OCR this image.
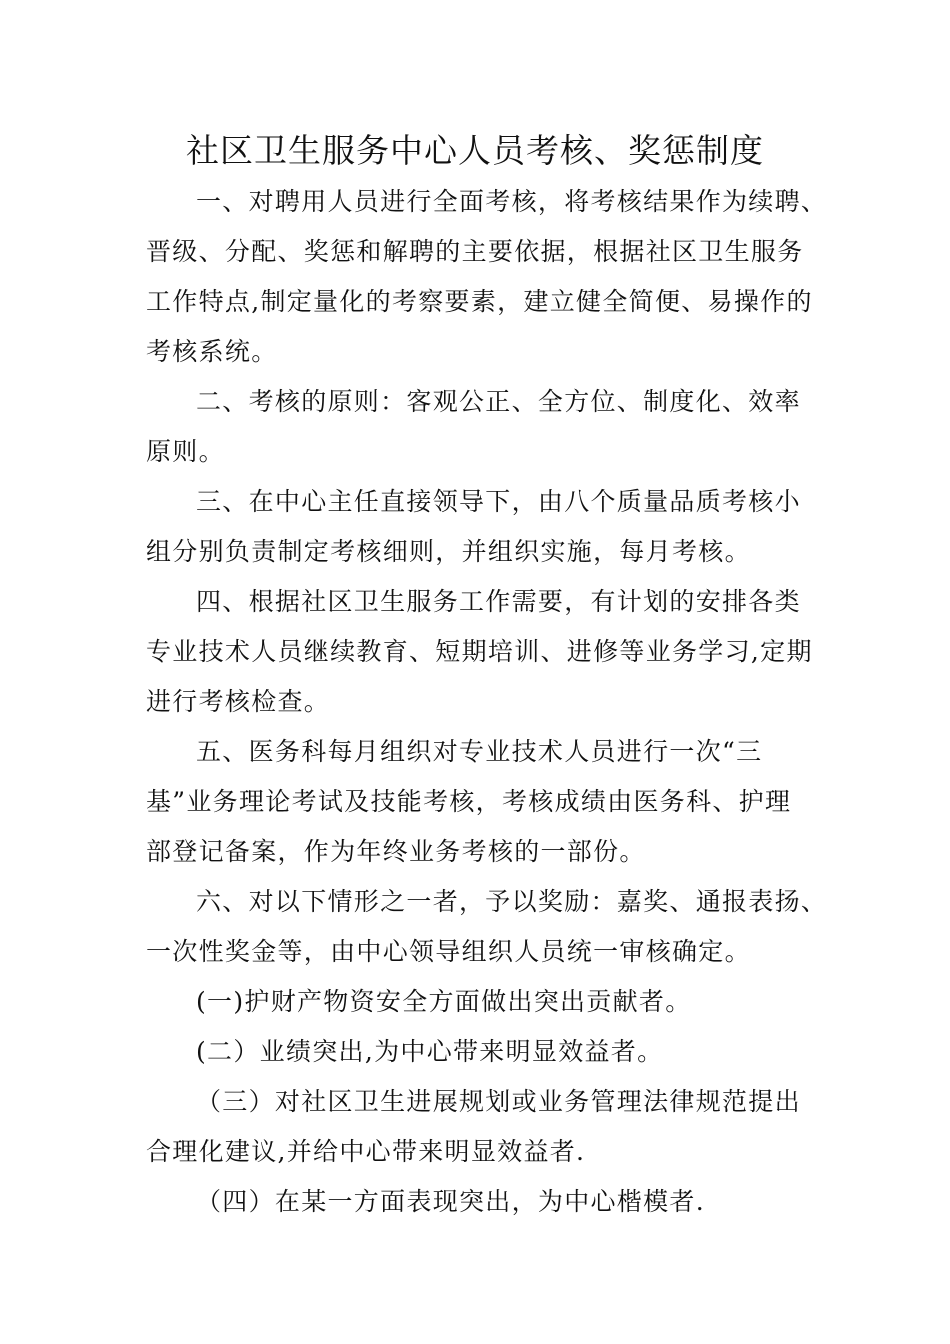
社区卫生服务中心人员考核、奖惩制度
一、对聘用人员进行全面考核，将考核结果作为续聘、
晋级、分配、奖惩和解聘的主要依据，根据社区卫生服务
工作特点,制定量化的考察要素，建立健全简便、易操作的
考核系统。
二、考核的原则：客观公正、全方位、制度化、效率
原则。
三、在中心主任直接领导下，由八个质量品质考核小
组分别负责制定考核细则，并组织实施，每月考核。
四、根据社区卫生服务工作需要，有计划的安排各类
专业技术人员继续教育、短期培训、进修等业务学习,定期
进行考核检查。
五、医务科每月组织对专业技术人员进行一次“三
基”业务理论考试及技能考核，考核成绩由医务科、护理
部登记备案，作为年终业务考核的一部份。
六、对以下情形之一者，予以奖励：嘉奖、通报表扬、
一次性奖金等，由中心领导组织人员统一审核确定。
(一)护财产物资安全方面做出突出贡献者。
(二）业绩突出,为中心带来明显效益者。
（三）对社区卫生进展规划或业务管理法律规范提出
合理化建议,并给中心带来明显效益者.
（四）在某一方面表现突出，为中心楷模者.
